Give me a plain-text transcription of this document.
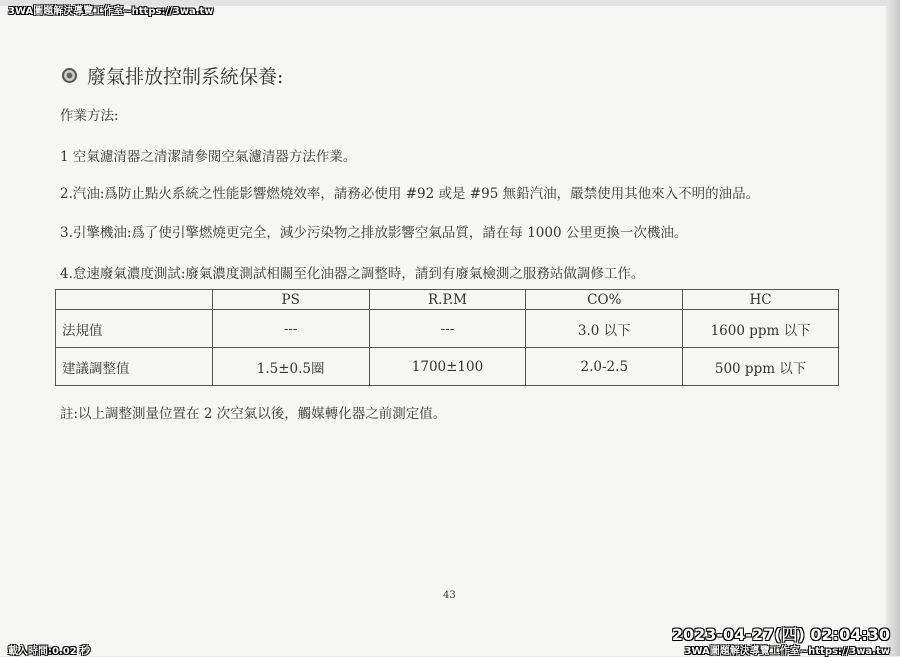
3WA圖題解決導覽工作室~https://3wa.tw
廢氣排放控制系統保養:
作業方法:
1 空氣濾清器之清潔請參閱空氣濾清器方法作業。
2.汽油:爲防止點火系統之性能影響燃燒效率，請務必使用 #92 或是 #95 無鉛汽油，嚴禁使用其他來入不明的油品。
3.引擎機油:爲了使引擎燃燒更完全，減少污染物之排放影響空氣品質，請在每 1000 公里更換一次機油。
4.怠速廢氣濃度測試:廢氣濃度測試相關至化油器之調整時，請到有廢氣檢測之服務站做調修工作。
	PS	R.P.M	CO%	HC
法規值	---	---	3.0 以下	1600 ppm 以下
建議調整值	1.5±0.5圈	1700±100	2.0-2.5	500 ppm 以下
註:以上調整測量位置在 2 次空氣以後，觸媒轉化器之前測定值。
43
2023-04-27(四) 02:04:30
3WA圖題解決導覽工作室~https://3wa.tw
載入時間:0.02 秒
